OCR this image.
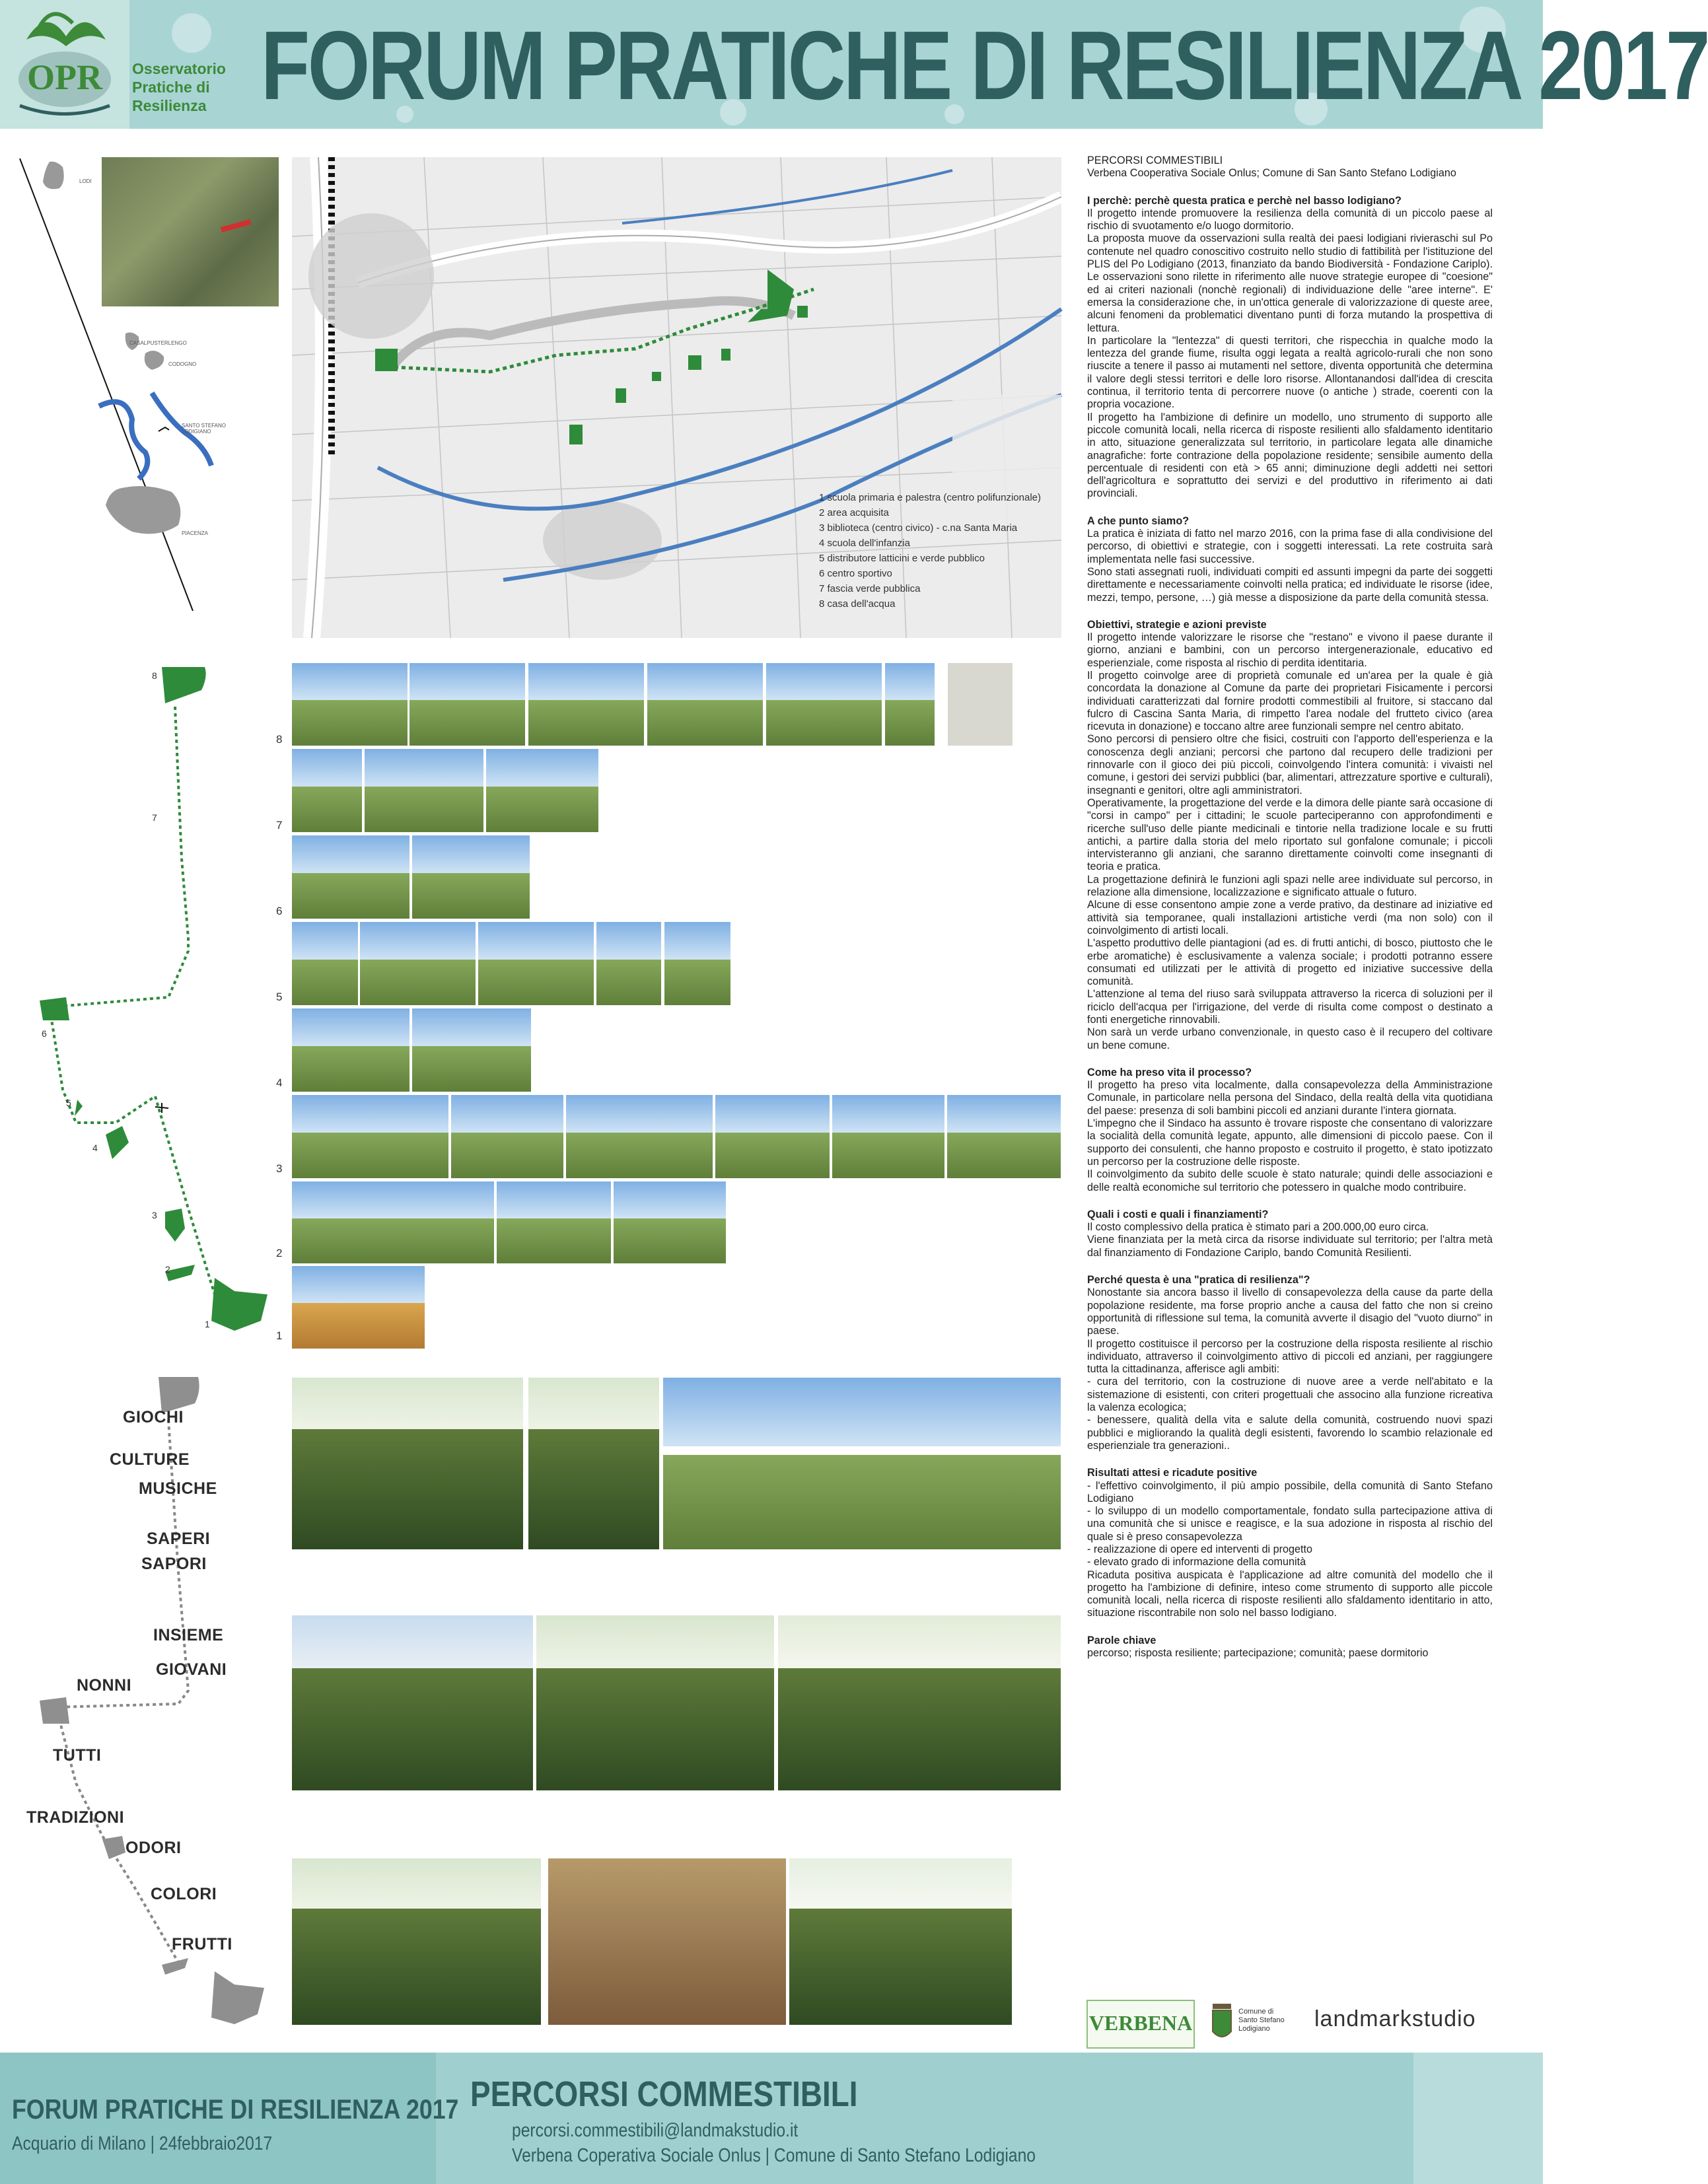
OPR Osservatorio
Pratiche di
Resilienza FORUM PRATICHE DI RESILIENZA 2017
LODI
CASALPUSTERLENGO
CODOGNO
SANTO STEFANO LODIGIANO
PIACENZA
1 scuola primaria e palestra (centro polifunzionale)
2 area acquisita
3 biblioteca (centro civico) - c.na Santa Maria
4 scuola dell'infanzia
5 distributore latticini e verde pubblico
6 centro sportivo
7 fascia verde pubblica
8 casa dell'acqua
8
7
6
5
4
3
2
1
8
7
6
5
4
3
2
1
GIOCHI
CULTURE
MUSICHE
SAPERI
SAPORI
INSIEME
GIOVANI
NONNI
TUTTI
TRADIZIONI
ODORI
COLORI
FRUTTI

PERCORSI COMMESTIBILI
Verbena Cooperativa Sociale Onlus; Comune di San Santo Stefano Lodigiano

I perchè: perchè questa pratica e perchè nel basso lodigiano?
Il progetto intende promuovere la resilienza della comunità di un piccolo paese al rischio di svuotamento e/o luogo dormitorio.
La proposta muove da osservazioni sulla realtà dei paesi lodigiani rivieraschi sul Po contenute nel quadro conoscitivo costruito nello studio di fattibilità per l'istituzione del PLIS del Po Lodigiano (2013, finanziato da bando Biodiversità - Fondazione Cariplo). Le osservazioni sono rilette in riferimento alle nuove strategie europee di "coesione" ed ai criteri nazionali (nonchè regionali) di individuazione delle "aree interne". E' emersa la considerazione che, in un'ottica generale di valorizzazione di queste aree, alcuni fenomeni da problematici diventano punti di forza mutando la prospettiva di lettura.
In particolare la "lentezza" di questi territori, che rispecchia in qualche modo la lentezza del grande fiume, risulta oggi legata a realtà agricolo-rurali che non sono riuscite a tenere il passo ai mutamenti nel settore, diventa opportunità che determina il valore degli stessi territori e delle loro risorse. Allontanandosi dall'idea di crescita continua, il territorio tenta di percorrere nuove (o antiche ) strade, coerenti con la propria vocazione.
Il progetto ha l'ambizione di definire un modello, uno strumento di supporto alle piccole comunità locali, nella ricerca di risposte resilienti allo sfaldamento identitario in atto, situazione generalizzata sul territorio, in particolare legata alle dinamiche anagrafiche: forte contrazione della popolazione residente; sensibile aumento della percentuale di residenti con età > 65 anni; diminuzione degli addetti nei settori dell'agricoltura e soprattutto dei servizi e del produttivo in riferimento ai dati provinciali.

A che punto siamo?
La pratica è iniziata di fatto nel marzo 2016, con la prima fase di alla condivisione del percorso, di obiettivi e strategie, con i soggetti interessati. La rete costruita sarà implementata nelle fasi successive.
Sono stati assegnati ruoli, individuati compiti ed assunti impegni da parte dei soggetti direttamente e necessariamente coinvolti nella pratica; ed individuate le risorse (idee, mezzi, tempo, persone, …) già messe a disposizione da parte della comunità stessa.

Obiettivi, strategie e azioni previste
Il progetto intende valorizzare le risorse che "restano" e vivono il paese durante il giorno, anziani e bambini, con un percorso intergenerazionale, educativo ed esperienziale, come risposta al rischio di perdita identitaria.
Il progetto coinvolge aree di proprietà comunale ed un'area per la quale è già concordata la donazione al Comune da parte dei proprietari Fisicamente i percorsi individuati caratterizzati dal fornire prodotti commestibili al fruitore, si staccano dal fulcro di Cascina Santa Maria, di rimpetto l'area nodale del frutteto civico (area ricevuta in donazione) e toccano altre aree funzionali sempre nel centro abitato.
Sono percorsi di pensiero oltre che fisici, costruiti con l'apporto dell'esperienza e la conoscenza degli anziani; percorsi che partono dal recupero delle tradizioni per rinnovarle con il gioco dei più piccoli, coinvolgendo l'intera comunità: i vivaisti nel comune, i gestori dei servizi pubblici (bar, alimentari, attrezzature sportive e culturali), insegnanti e genitori, oltre agli amministratori.
Operativamente, la progettazione del verde e la dimora delle piante sarà occasione di "corsi in campo" per i cittadini; le scuole parteciperanno con approfondimenti e ricerche sull'uso delle piante medicinali e tintorie nella tradizione locale e su frutti antichi, a partire dalla storia del melo riportato sul gonfalone comunale; i piccoli intervisteranno gli anziani, che saranno direttamente coinvolti come insegnanti di teoria e pratica.
La progettazione definirà le funzioni agli spazi nelle aree individuate sul percorso, in relazione alla dimensione, localizzazione e significato attuale o futuro.
Alcune di esse consentono ampie zone a verde prativo, da destinare ad iniziative ed attività sia temporanee, quali installazioni artistiche verdi (ma non solo) con il coinvolgimento di artisti locali.
L'aspetto produttivo delle piantagioni (ad es. di frutti antichi, di bosco, piuttosto che le erbe aromatiche) è esclusivamente a valenza sociale; i prodotti potranno essere consumati ed utilizzati per le attività di progetto ed iniziative successive della comunità.
L'attenzione al tema del riuso sarà sviluppata attraverso la ricerca di soluzioni per il riciclo dell'acqua per l'irrigazione, del verde di risulta come compost o destinato a fonti energetiche rinnovabili.
Non sarà un verde urbano convenzionale, in questo caso è il recupero del coltivare un bene comune.

Come ha preso vita il processo?
Il progetto ha preso vita localmente, dalla consapevolezza della Amministrazione Comunale, in particolare nella persona del Sindaco, della realtà della vita quotidiana del paese: presenza di soli bambini piccoli ed anziani durante l'intera giornata.
L'impegno che il Sindaco ha assunto è trovare risposte che consentano di valorizzare la socialità della comunità legate, appunto, alle dimensioni di piccolo paese. Con il supporto dei consulenti, che hanno proposto e costruito il progetto, è stato ipotizzato un percorso per la costruzione delle risposte.
Il coinvolgimento da subito delle scuole è stato naturale; quindi delle associazioni e delle realtà economiche sul territorio che potessero in qualche modo contribuire.

Quali i costi e quali i finanziamenti?
Il costo complessivo della pratica è stimato pari a 200.000,00 euro circa.
Viene finanziata per la metà circa da risorse individuate sul territorio; per l'altra metà dal finanziamento di Fondazione Cariplo, bando Comunità Resilienti.

Perché questa è una "pratica di resilienza"?
Nonostante sia ancora basso il livello di consapevolezza della cause da parte della popolazione residente, ma forse proprio anche a causa del fatto che non si creino opportunità di riflessione sul tema, la comunità avverte il disagio del "vuoto diurno" in paese.
Il progetto costituisce il percorso per la costruzione della risposta resiliente al rischio individuato, attraverso il coinvolgimento attivo di piccoli ed anziani, per raggiungere tutta la cittadinanza, afferisce agli ambiti:
- cura del territorio, con la costruzione di nuove aree a verde nell'abitato e la sistemazione di esistenti, con criteri progettuali che associno alla funzione ricreativa la valenza ecologica;
- benessere, qualità della vita e salute della comunità, costruendo nuovi spazi pubblici e migliorando la qualità degli esistenti, favorendo lo scambio relazionale ed esperienziale tra generazioni..

Risultati attesi e ricadute positive
- l'effettivo coinvolgimento, il più ampio possibile, della comunità di Santo Stefano Lodigiano
- lo sviluppo di un modello comportamentale, fondato sulla partecipazione attiva di una comunità che si unisce e reagisce, e la sua adozione in risposta al rischio del quale si è preso consapevolezza
- realizzazione di opere ed interventi di progetto
- elevato grado di informazione della comunità
Ricaduta positiva auspicata è l'applicazione ad altre comunità del modello che il progetto ha l'ambizione di definire, inteso come strumento di supporto alle piccole comunità locali, nella ricerca di risposte resilienti allo sfaldamento identitario in atto, situazione riscontrabile non solo nel basso lodigiano.

Parole chiave
percorso; risposta resiliente; partecipazione; comunità; paese dormitorio

VERBENA	Comune di
Santo Stefano
Lodigiano	landmarkstudio
FORUM PRATICHE DI RESILIENZA 2017
Acquario di Milano | 24febbraio2017
PERCORSI COMMESTIBILI
percorsi.commestibili@landmakstudio.it
Verbena Coperativa Sociale Onlus | Comune di Santo Stefano Lodigiano
